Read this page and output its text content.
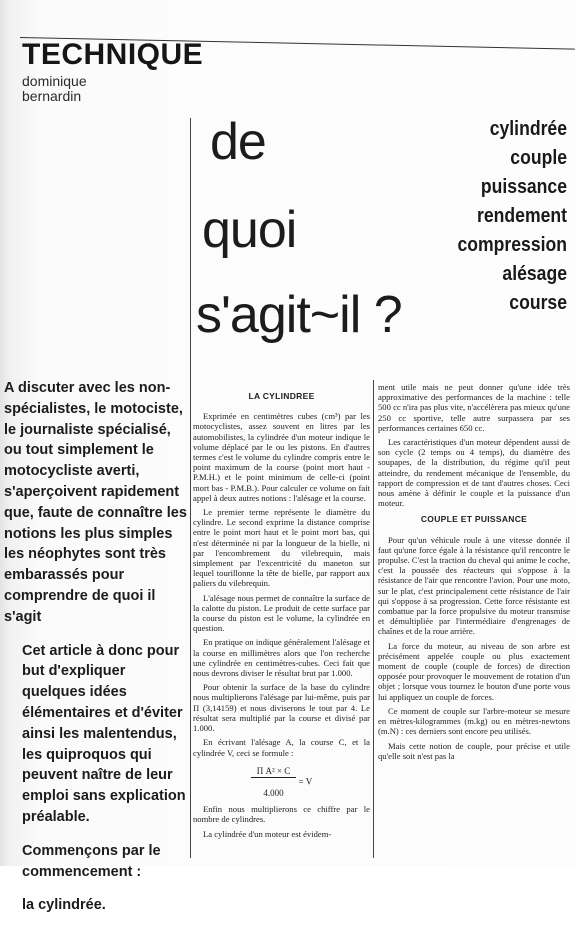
TECHNIQUE
dominique
bernardin
de
quoi
s'agit~il ?
cylindrée
couple
puissance
rendement
compression
alésage
course

A discuter avec les non-spécialistes, le motociste, le journaliste spécialisé, ou tout simplement le motocycliste averti, s'aperçoivent rapidement que, faute de connaître les notions les plus simples les néophytes sont très embarassés pour comprendre de quoi il s'agit

Cet article à donc pour but d'expliquer quelques idées élémentaires et d'éviter ainsi les malentendus, les quiproquos qui peuvent naître de leur emploi sans explication préalable.

Commençons par le commencement :

la cylindrée.

LA CYLINDREE

Exprimée en centimètres cubes (cm³) par les motocyclistes, assez souvent en litres par les automobilistes, la cylindrée d'un moteur indique le volume déplacé par le ou les pistons. En d'autres termes c'est le volume du cylindre compris entre le point maximum de la course (point mort haut - P.M.H.) et le point minimum de celle-ci (point mort bas - P.M.B.). Pour calculer ce volume on fait appel à deux autres notions : l'alésage et la course.

Le premier terme représente le diamètre du cylindre. Le second exprime la distance comprise entre le point mort haut et le point mort bas, qui n'est déterminée ni par la longueur de la bielle, ni par l'encombrement du vilebrequin, mais simplement par l'excentricité du maneton sur lequel tourillonne la tête de bielle, par rapport aux paliers du vilebrequin.

L'alésage nous permet de connaître la surface de la calotte du piston. Le produit de cette surface par la course du piston est le volume, la cylindrée en question.

En pratique on indique généralement l'alésage et la course en millimètres alors que l'on recherche une cylindrée en centimètres-cubes. Ceci fait que nous devrons diviser le résultat brut par 1.000.

Pour obtenir la surface de la base du cylindre nous multiplierons l'alésage par lui-même, puis par Π (3,14159) et nous diviserons le tout par 4. Le résultat sera multiplié par la course et divisé par 1.000.

En écrivant l'alésage A, la course C, et la cylindrée V, ceci se formule :

$\frac{\text{Π A² × C}}{4.000} = V$

Enfin nous multiplierons ce chiffre par le nombre de cylindres.

La cylindrée d'un moteur est évidem-

ment utile mais ne peut donner qu'une idée très approximative des performances de la machine : telle 500 cc n'ira pas plus vite, n'accélèrera pas mieux qu'une 250 cc sportive, telle autre surpassera par ses performances certaines 650 cc.

Les caractéristiques d'un moteur dépendent aussi de son cycle (2 temps ou 4 temps), du diamètre des soupapes, de la distribution, du régime qu'il peut atteindre, du rendement mécanique de l'ensemble, du rapport de compression et de tant d'autres choses. Ceci nous amène à définir le couple et la puissance d'un moteur.

COUPLE ET PUISSANCE

Pour qu'un véhicule roule à une vitesse donnée il faut qu'une force égale à la résistance qu'il rencontre le propulse. C'est la traction du cheval qui anime le coche, c'est la poussée des réacteurs qui s'oppose à la résistance de l'air que rencontre l'avion. Pour une moto, sur le plat, c'est principalement cette résistance de l'air qui s'oppose à sa progression. Cette force résistante est combattue par la force propulsive du moteur transmise et démultipliée par l'intermédiaire d'engrenages de chaînes et de la roue arrière.

La force du moteur, au niveau de son arbre est précisément appelée couple ou plus exactement moment de couple (couple de forces) de direction opposée pour provoquer le mouvement de rotation d'un objet ; lorsque vous tournez le bouton d'une porte vous lui appliquez un couple de forces.

Ce moment de couple sur l'arbre-moteur se mesure en mètres-kilogrammes (m.kg) ou en mètres-newtons (m.N) : ces derniers sont encore peu utilisés.

Mais cette notion de couple, pour précise et utile qu'elle soit n'est pas la
